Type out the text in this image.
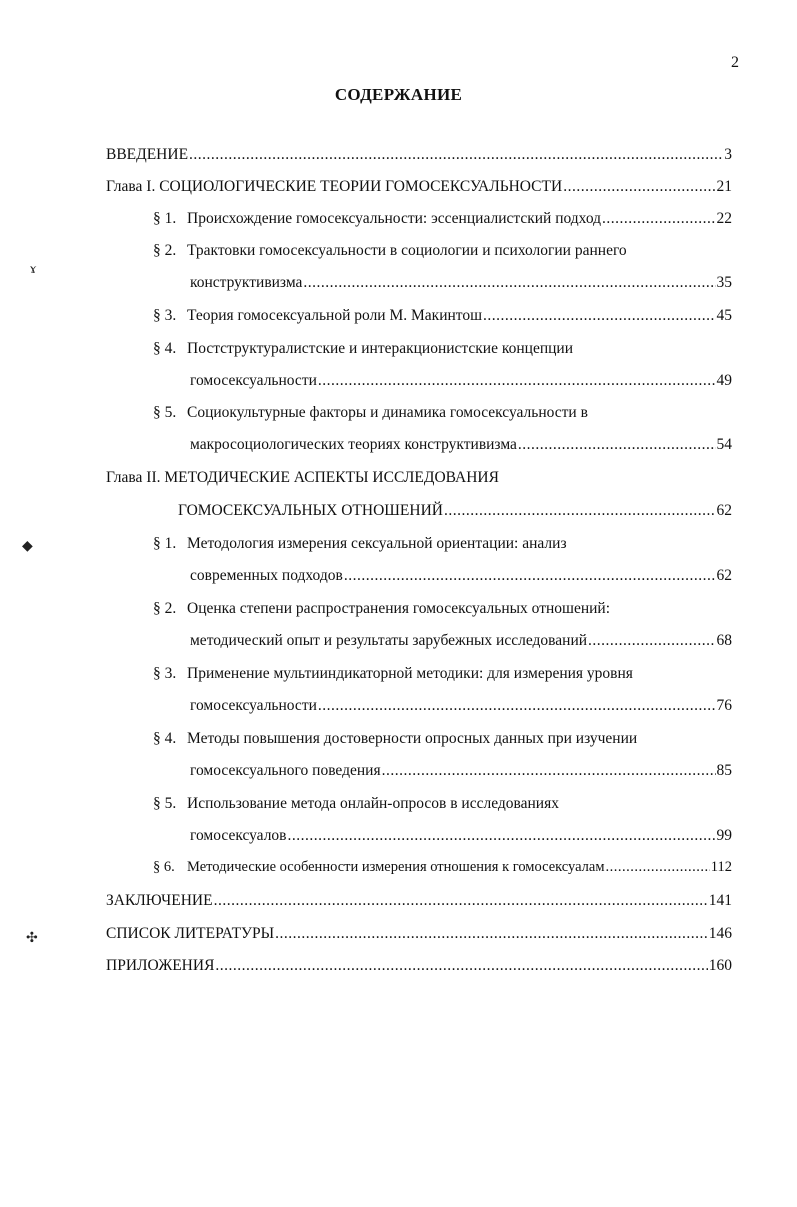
2
СОДЕРЖАНИЕ
ɤ
◆
✣
ВВЕДЕНИЕ .....	3
Глава I. СОЦИОЛОГИЧЕСКИЕ ТЕОРИИ ГОМОСЕКСУАЛЬНОСТИ .....	21
§ 1. Происхождение гомосексуальности: эссенциалистский подход .....	22
§ 2. Трактовки гомосексуальности в социологии и психологии раннего
конструктивизма .....	35
§ 3. Теория гомосексуальной роли М. Макинтош .....	45
§ 4. Постструктуралистские и интеракционистские концепции
гомосексуальности .....	49
§ 5. Социокультурные факторы и динамика гомосексуальности в
макросоциологических теориях конструктивизма .....	54
Глава II. МЕТОДИЧЕСКИЕ АСПЕКТЫ ИССЛЕДОВАНИЯ
ГОМОСЕКСУАЛЬНЫХ ОТНОШЕНИЙ .....	62
§ 1. Методология измерения сексуальной ориентации: анализ
современных подходов .....	62
§ 2. Оценка степени распространения гомосексуальных отношений:
методический опыт и результаты зарубежных исследований .....	68
§ 3. Применение мультииндикаторной методики: для измерения уровня
гомосексуальности .....	76
§ 4. Методы повышения достоверности опросных данных при изучении
гомосексуального поведения .....	85
§ 5. Использование метода онлайн-опросов в исследованиях
гомосексуалов .....	99
§ 6. Методические особенности измерения отношения к гомосексуалам .....	112
ЗАКЛЮЧЕНИЕ .....	141
СПИСОК ЛИТЕРАТУРЫ .....	146
ПРИЛОЖЕНИЯ .....	160
